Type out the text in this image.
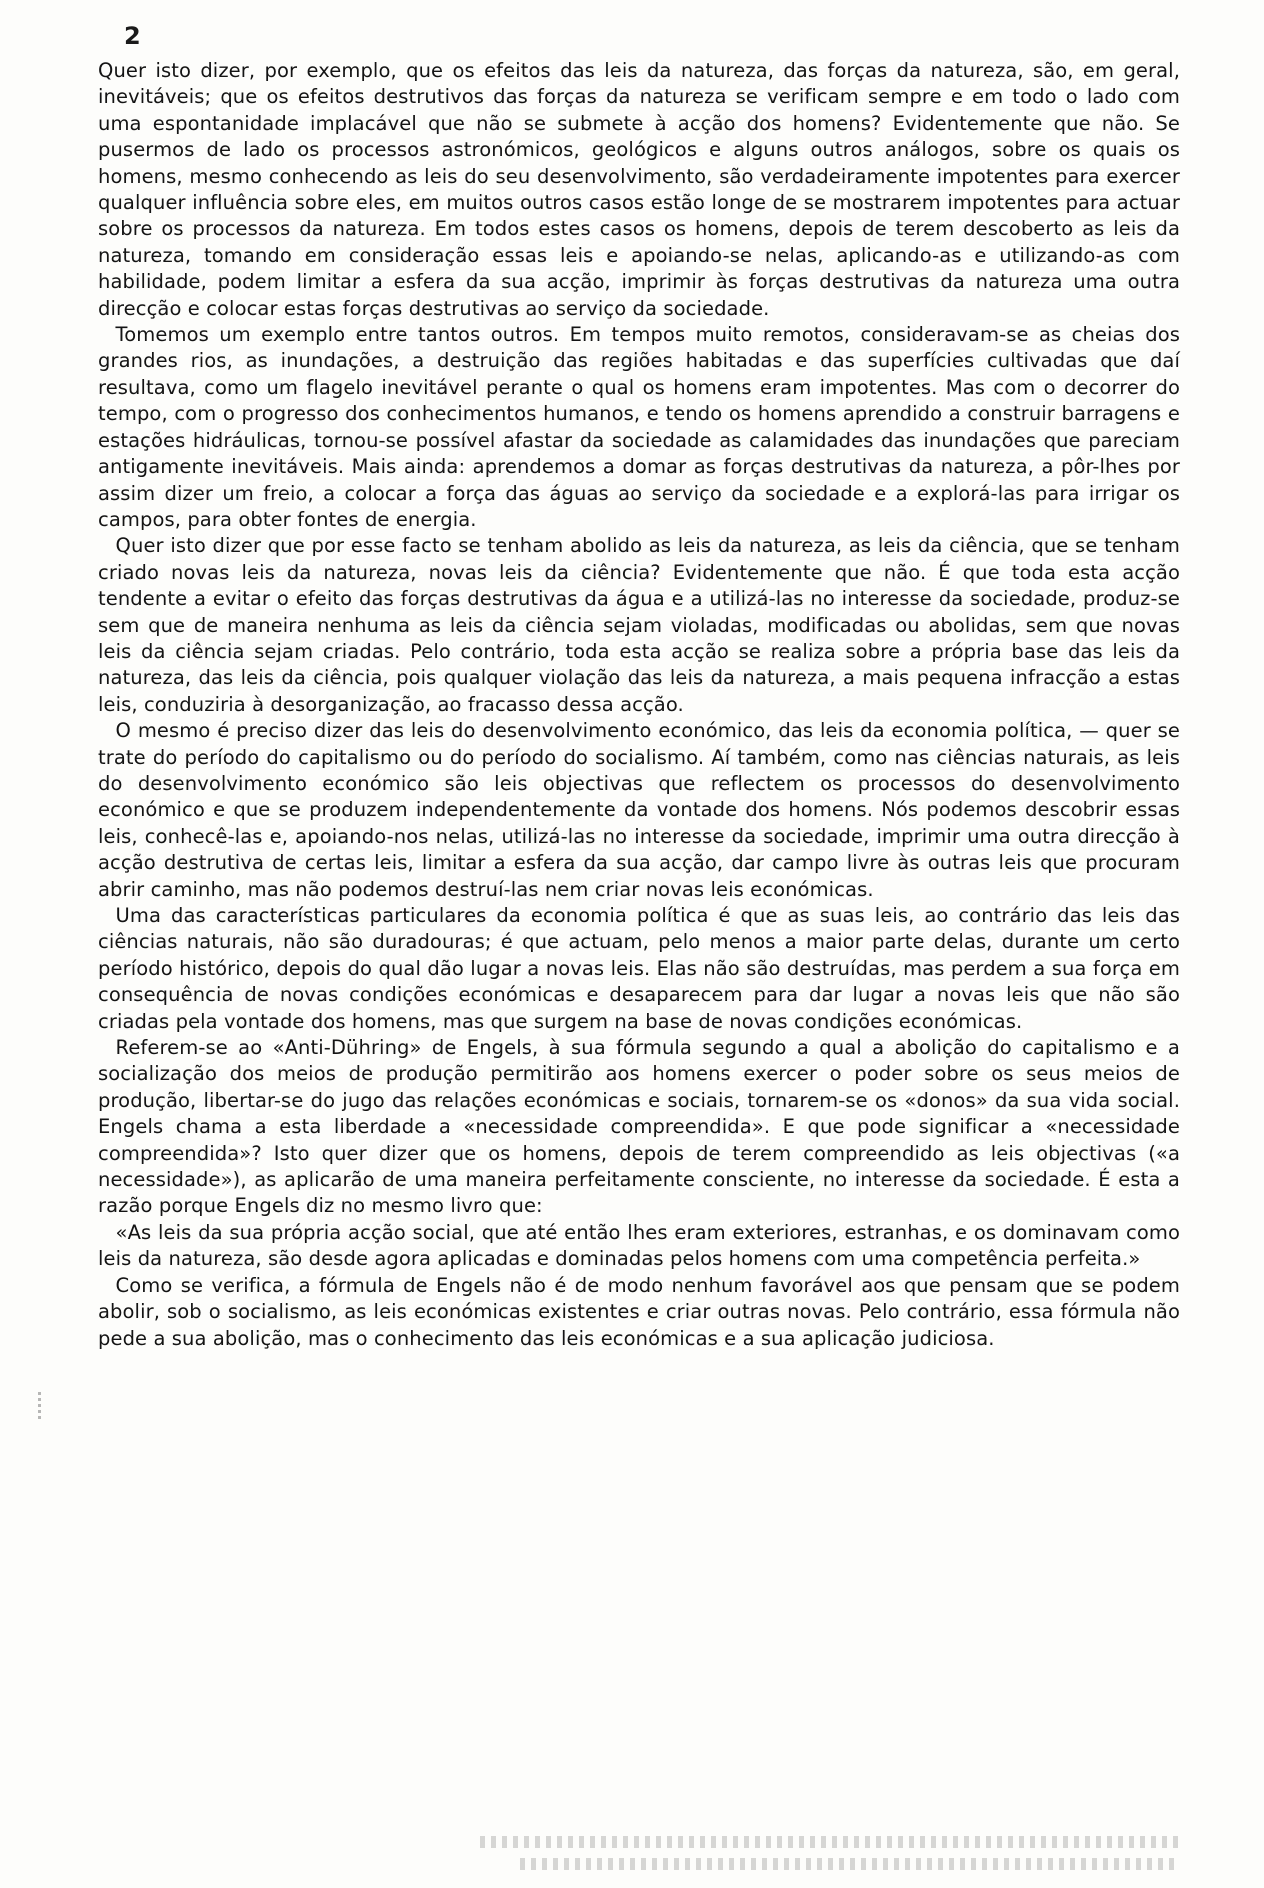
2

Quer isto dizer, por exemplo, que os efeitos das leis da natureza, das forças da natureza, são, em geral, inevitáveis; que os efeitos destrutivos das forças da natureza se verificam sempre e em todo o lado com uma espontanidade implacável que não se submete à acção dos homens? Evidentemente que não. Se pusermos de lado os processos astronómicos, geológicos e alguns outros análogos, sobre os quais os homens, mesmo conhecendo as leis do seu desenvolvimento, são verdadeiramente impotentes para exercer qualquer influência sobre eles, em muitos outros casos estão longe de se mostrarem impotentes para actuar sobre os processos da natureza. Em todos estes casos os homens, depois de terem descoberto as leis da natureza, tomando em consideração essas leis e apoiando-se nelas, aplicando-as e utilizando-as com habilidade, podem limitar a esfera da sua acção, imprimir às forças destrutivas da natureza uma outra direcção e colocar estas forças destrutivas ao serviço da sociedade.

Tomemos um exemplo entre tantos outros. Em tempos muito remotos, consideravam-se as cheias dos grandes rios, as inundações, a destruição das regiões habitadas e das superfícies cultivadas que daí resultava, como um flagelo inevitável perante o qual os homens eram impotentes. Mas com o decorrer do tempo, com o progresso dos conhecimentos humanos, e tendo os homens aprendido a construir barragens e estações hidráulicas, tornou-se possível afastar da sociedade as calamidades das inundações que pareciam antigamente inevitáveis. Mais ainda: aprendemos a domar as forças destrutivas da natureza, a pôr-lhes por assim dizer um freio, a colocar a força das águas ao serviço da sociedade e a explorá-las para irrigar os campos, para obter fontes de energia.

Quer isto dizer que por esse facto se tenham abolido as leis da natureza, as leis da ciência, que se tenham criado novas leis da natureza, novas leis da ciência? Evidentemente que não. É que toda esta acção tendente a evitar o efeito das forças destrutivas da água e a utilizá-las no interesse da sociedade, produz-se sem que de maneira nenhuma as leis da ciência sejam violadas, modificadas ou abolidas, sem que novas leis da ciência sejam criadas. Pelo contrário, toda esta acção se realiza sobre a própria base das leis da natureza, das leis da ciência, pois qualquer violação das leis da natureza, a mais pequena infracção a estas leis, conduziria à desorganização, ao fracasso dessa acção.

O mesmo é preciso dizer das leis do desenvolvimento económico, das leis da economia política, — quer se trate do período do capitalismo ou do período do socialismo. Aí também, como nas ciências naturais, as leis do desenvolvimento económico são leis objectivas que reflectem os processos do desenvolvimento económico e que se produzem independentemente da vontade dos homens. Nós podemos descobrir essas leis, conhecê-las e, apoiando-nos nelas, utilizá-las no interesse da sociedade, imprimir uma outra direcção à acção destrutiva de certas leis, limitar a esfera da sua acção, dar campo livre às outras leis que procuram abrir caminho, mas não podemos destruí-las nem criar novas leis económicas.

Uma das características particulares da economia política é que as suas leis, ao contrário das leis das ciências naturais, não são duradouras; é que actuam, pelo menos a maior parte delas, durante um certo período histórico, depois do qual dão lugar a novas leis. Elas não são destruídas, mas perdem a sua força em consequência de novas condições económicas e desaparecem para dar lugar a novas leis que não são criadas pela vontade dos homens, mas que surgem na base de novas condições económicas.

Referem-se ao «Anti-Dühring» de Engels, à sua fórmula segundo a qual a abolição do capitalismo e a socialização dos meios de produção permitirão aos homens exercer o poder sobre os seus meios de produção, libertar-se do jugo das relações económicas e sociais, tornarem-se os «donos» da sua vida social. Engels chama a esta liberdade a «necessidade compreendida». E que pode significar a «necessidade compreendida»? Isto quer dizer que os homens, depois de terem compreendido as leis objectivas («a necessidade»), as aplicarão de uma maneira perfeitamente consciente, no interesse da sociedade. É esta a razão porque Engels diz no mesmo livro que:

«As leis da sua própria acção social, que até então lhes eram exteriores, estranhas, e os dominavam como leis da natureza, são desde agora aplicadas e dominadas pelos homens com uma competência perfeita.»

Como se verifica, a fórmula de Engels não é de modo nenhum favorável aos que pensam que se podem abolir, sob o socialismo, as leis económicas existentes e criar outras novas. Pelo contrário, essa fórmula não pede a sua abolição, mas o conhecimento das leis económicas e a sua aplicação judiciosa.
